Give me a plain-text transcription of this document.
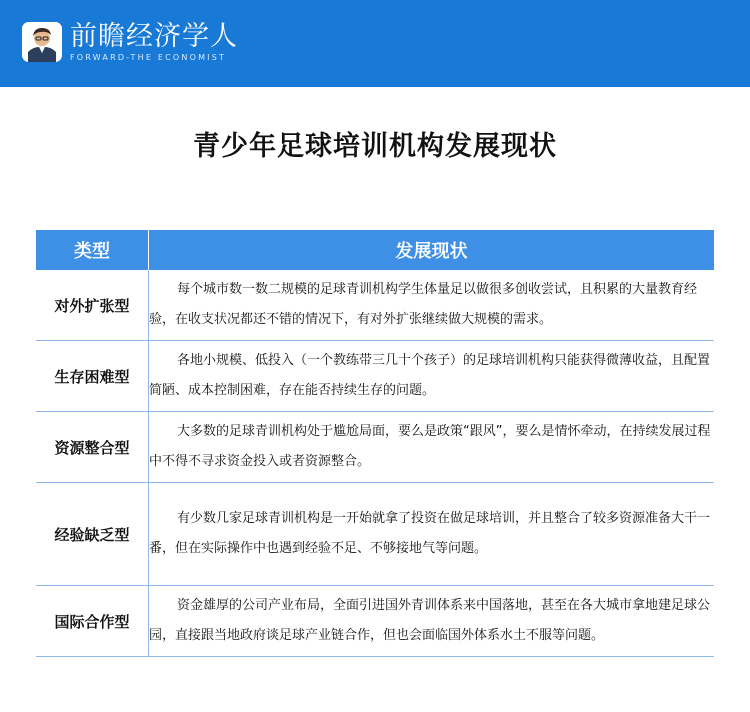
前瞻经济学人
FORWARD-THE ECONOMIST
青少年足球培训机构发展现状
类型	发展现状
对外扩张型
每个城市数一数二规模的足球青训机构学生体量足以做很多创收尝试，且积累的大量教育经验，在收支状况都还不错的情况下，有对外扩张继续做大规模的需求。
生存困难型
各地小规模、低投入（一个教练带三几十个孩子）的足球培训机构只能获得微薄收益，且配置简陋、成本控制困难，存在能否持续生存的问题。
资源整合型
大多数的足球青训机构处于尴尬局面，要么是政策“跟风”，要么是情怀牵动，在持续发展过程中不得不寻求资金投入或者资源整合。
经验缺乏型
有少数几家足球青训机构是一开始就拿了投资在做足球培训，并且整合了较多资源准备大干一番，但在实际操作中也遇到经验不足、不够接地气等问题。
国际合作型
资金雄厚的公司产业布局，全面引进国外青训体系来中国落地，甚至在各大城市拿地建足球公园，直接跟当地政府谈足球产业链合作，但也会面临国外体系水土不服等问题。
